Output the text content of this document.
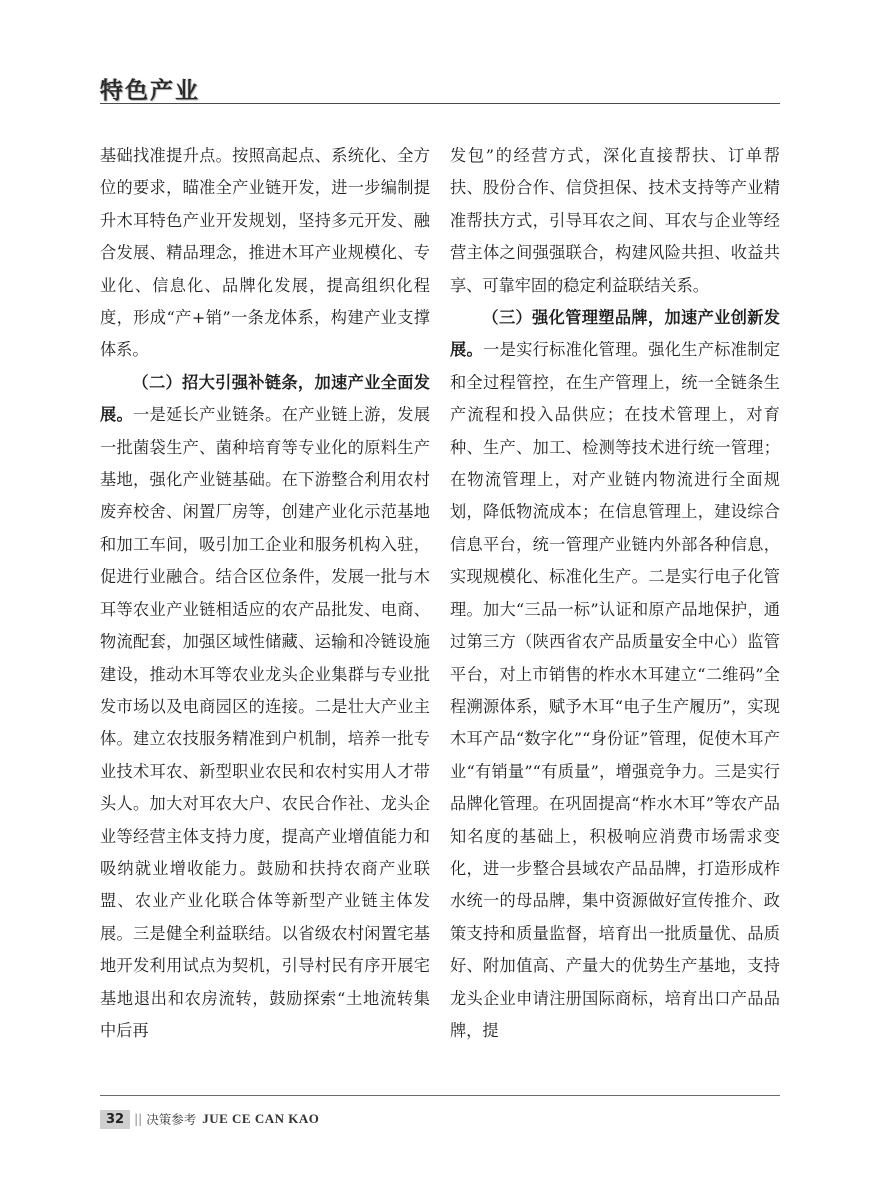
特色产业

基础找准提升点。按照高起点、系统化、全方位的要求，瞄准全产业链开发，进一步编制提升木耳特色产业开发规划，坚持多元开发、融合发展、精品理念，推进木耳产业规模化、专业化、信息化、品牌化发展，提高组织化程度，形成“产+销”一条龙体系，构建产业支撑体系。

（二）招大引强补链条，加速产业全面发展。一是延长产业链条。在产业链上游，发展一批菌袋生产、菌种培育等专业化的原料生产基地，强化产业链基础。在下游整合利用农村废弃校舍、闲置厂房等，创建产业化示范基地和加工车间，吸引加工企业和服务机构入驻，促进行业融合。结合区位条件，发展一批与木耳等农业产业链相适应的农产品批发、电商、物流配套，加强区域性储藏、运输和冷链设施建设，推动木耳等农业龙头企业集群与专业批发市场以及电商园区的连接。二是壮大产业主体。建立农技服务精准到户机制，培养一批专业技术耳农、新型职业农民和农村实用人才带头人。加大对耳农大户、农民合作社、龙头企业等经营主体支持力度，提高产业增值能力和吸纳就业增收能力。鼓励和扶持农商产业联盟、农业产业化联合体等新型产业链主体发展。三是健全利益联结。以省级农村闲置宅基地开发利用试点为契机，引导村民有序开展宅基地退出和农房流转，鼓励探索“土地流转集中后再

发包”的经营方式，深化直接帮扶、订单帮扶、股份合作、信贷担保、技术支持等产业精准帮扶方式，引导耳农之间、耳农与企业等经营主体之间强强联合，构建风险共担、收益共享、可靠牢固的稳定利益联结关系。

（三）强化管理塑品牌，加速产业创新发展。一是实行标准化管理。强化生产标准制定和全过程管控，在生产管理上，统一全链条生产流程和投入品供应；在技术管理上，对育种、生产、加工、检测等技术进行统一管理；在物流管理上，对产业链内物流进行全面规划，降低物流成本；在信息管理上，建设综合信息平台，统一管理产业链内外部各种信息，实现规模化、标准化生产。二是实行电子化管理。加大“三品一标”认证和原产品地保护，通过第三方（陕西省农产品质量安全中心）监管平台，对上市销售的柞水木耳建立“二维码”全程溯源体系，赋予木耳“电子生产履历”，实现木耳产品“数字化”“身份证”管理，促使木耳产业“有销量”“有质量”，增强竞争力。三是实行品牌化管理。在巩固提高“柞水木耳”等农产品知名度的基础上，积极响应消费市场需求变化，进一步整合县域农产品品牌，打造形成柞水统一的母品牌，集中资源做好宣传推介、政策支持和质量监督，培育出一批质量优、品质好、附加值高、产量大的优势生产基地，支持龙头企业申请注册国际商标，培育出口产品品牌，提

32 || 决策参考 JUE CE CAN KAO
